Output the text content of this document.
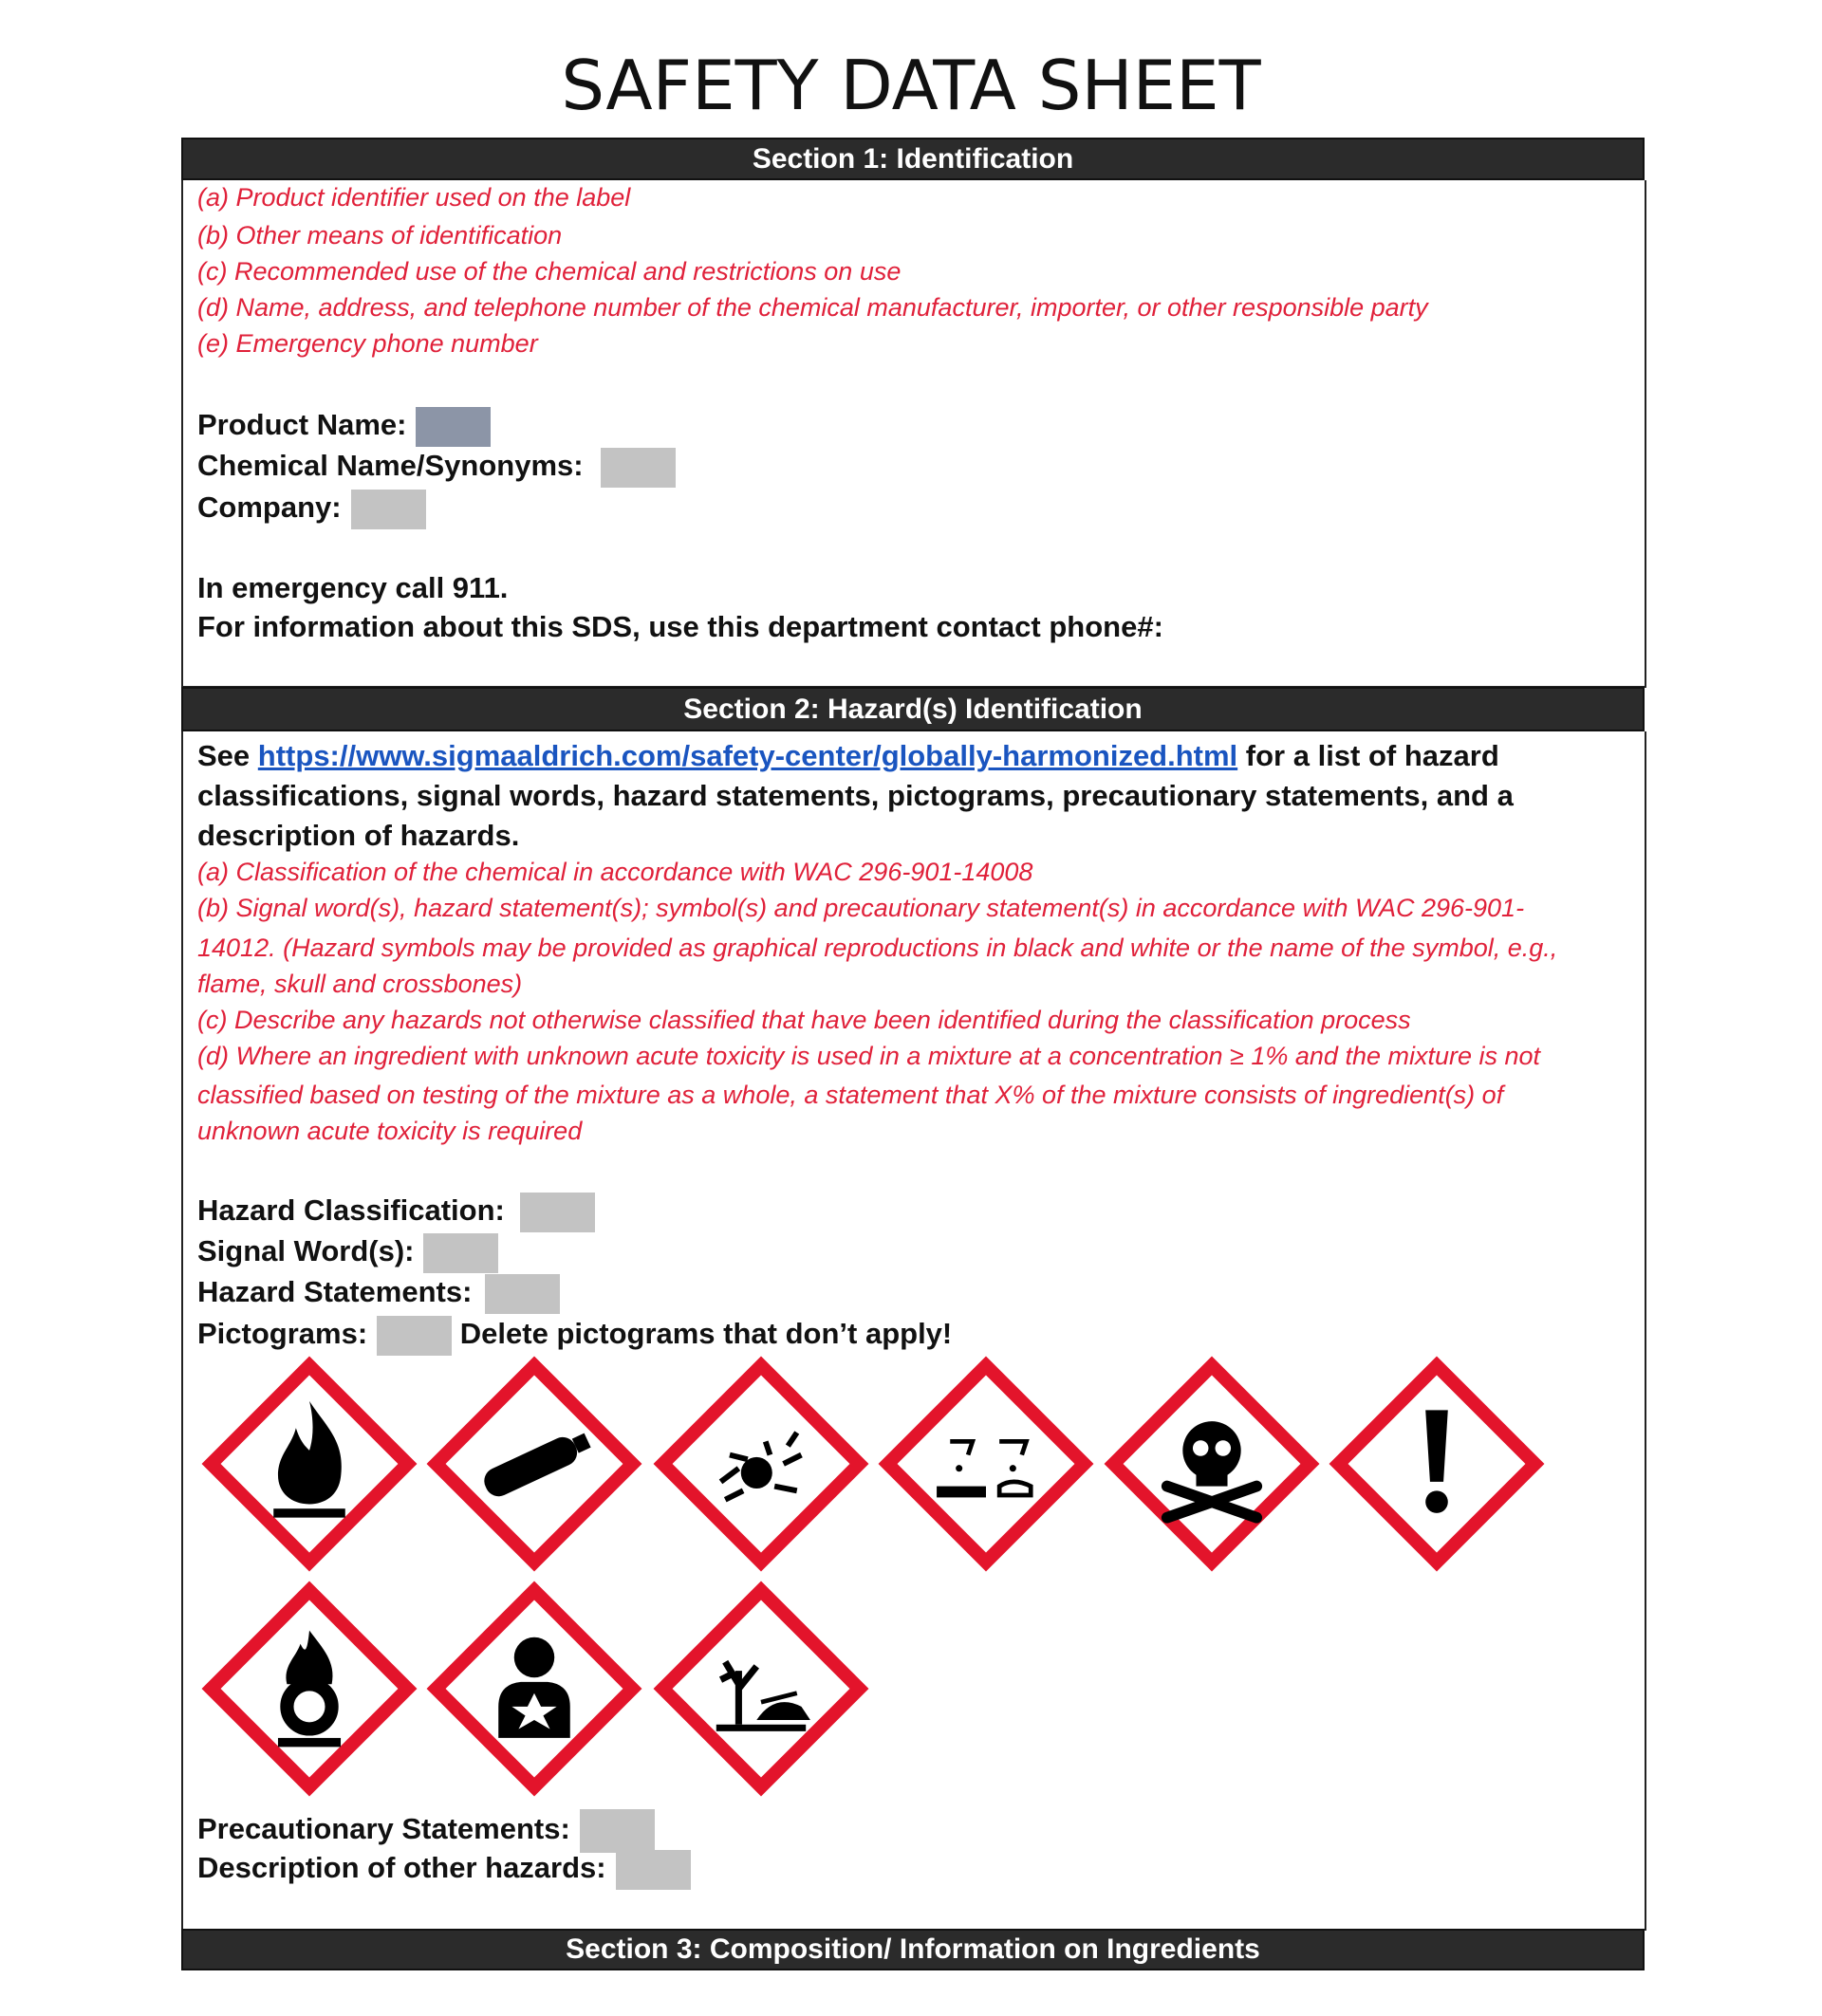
SAFETY DATA SHEET
Section 1: Identification
(a) Product identifier used on the label
(b) Other means of identification
(c) Recommended use of the chemical and restrictions on use
(d) Name, address, and telephone number of the chemical manufacturer, importer, or other responsible party
(e) Emergency phone number
Product Name:
Chemical Name/Synonyms:
Company:
In emergency call 911.
For information about this SDS, use this department contact phone#:
Section 2: Hazard(s) Identification
See https://www.sigmaaldrich.com/safety-center/globally-harmonized.html for a list of hazard classifications, signal words, hazard statements, pictograms, precautionary statements, and a description of hazards.
(a) Classification of the chemical in accordance with WAC 296-901-14008
(b) Signal word(s), hazard statement(s); symbol(s) and precautionary statement(s) in accordance with WAC 296-901-
14012. (Hazard symbols may be provided as graphical reproductions in black and white or the name of the symbol, e.g.,
flame, skull and crossbones)
(c) Describe any hazards not otherwise classified that have been identified during the classification process
(d) Where an ingredient with unknown acute toxicity is used in a mixture at a concentration ≥ 1% and the mixture is not
classified based on testing of the mixture as a whole, a statement that X% of the mixture consists of ingredient(s) of
unknown acute toxicity is required
Hazard Classification:
Signal Word(s):
Hazard Statements:
Pictograms:	Delete pictograms that don’t apply!
Precautionary Statements:
Description of other hazards:
Section 3: Composition/ Information on Ingredients
